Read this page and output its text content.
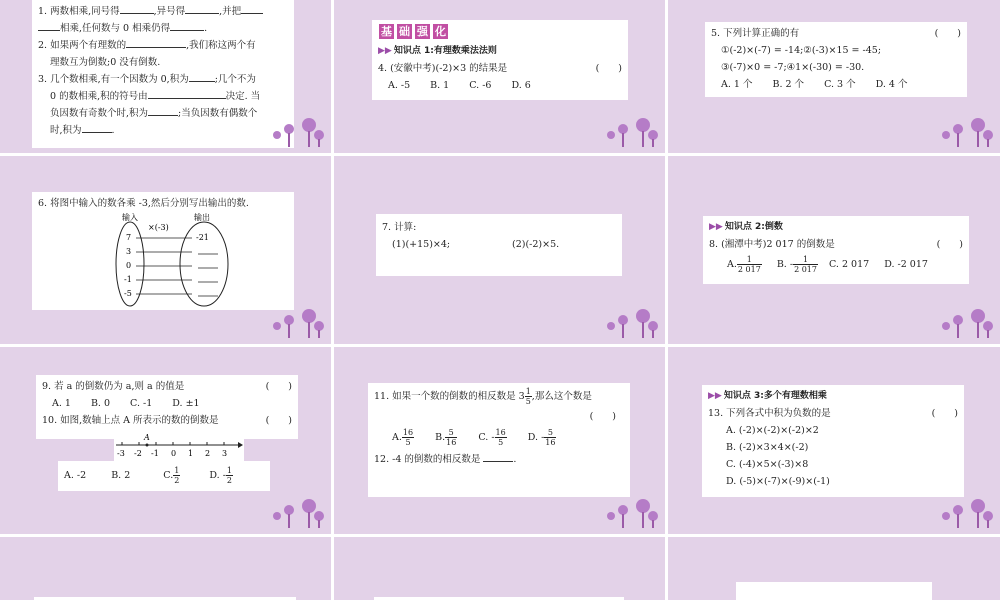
1. 两数相乘,同号得	,异号得	,并把

相乘,任何数与 0 相乘仍得	.

2. 如果两个有理数的	,我们称这两个有

理数互为倒数;0 没有倒数.

3. 几个数相乘,有一个因数为 0,积为	;几个不为

0 的数相乘,积的符号由	决定. 当

负因数有奇数个时,积为	;当负因数有偶数个

时,积为	.

基 础 强 化

▶▶ 知识点 1:有理数乘法法则

4. (安徽中考)(-2)×3 的结果是	(　　)

A. -5 B. 1 C. -6 D. 6

5. 下列计算正确的有	(　　)

①(-2)×(-7) = -14;②(-3)×15 = -45;

③(-7)×0 = -7;④1×(-30) = -30.

A. 1 个 B. 2 个 C. 3 个 D. 4 个

6. 将图中输入的数各乘 -3,然后分别写出输出的数.

输入	输出
×(-3)
7
3
0
-1
-5
-21

7. 计算:

(1)(+15)×4;	(2)(-2)×5.

▶▶ 知识点 2:倒数

8. (湘潭中考)2 017 的倒数是	(　　)

A. $\frac{1}{2 017} B$. - $\frac{1}{2 017} C$. 2 017 D. -2 017

9. 若 a 的倒数仍为 a,则 a 的值是	(　　)

A. 1 B. 0 C. -1 D. ±1

10. 如图,数轴上点 A 所表示的数的倒数是	(　　)

A
-3 -2 -1 0 1 2 3
A. -2	B. 2	C. $\frac{1}{2}$	D. - $\frac{1}{2}$

11. 如果一个数的倒数的相反数是 $3 \frac{1}{5}$ ,那么这个数是

(　　)

A. $\frac{16}{5} B$. $\frac{5}{16} C$. - $\frac{16}{5} D$. - $\frac{5}{16}$

12. -4 的倒数的相反数是	.

▶▶ 知识点 3:多个有理数相乘

13. 下列各式中积为负数的是	(　　)

A. (-2)×(-2)×(-2)×2

B. (-2)×3×4×(-2)

C. (-4)×5×(-3)×8

D. (-5)×(-7)×(-9)×(-1)
